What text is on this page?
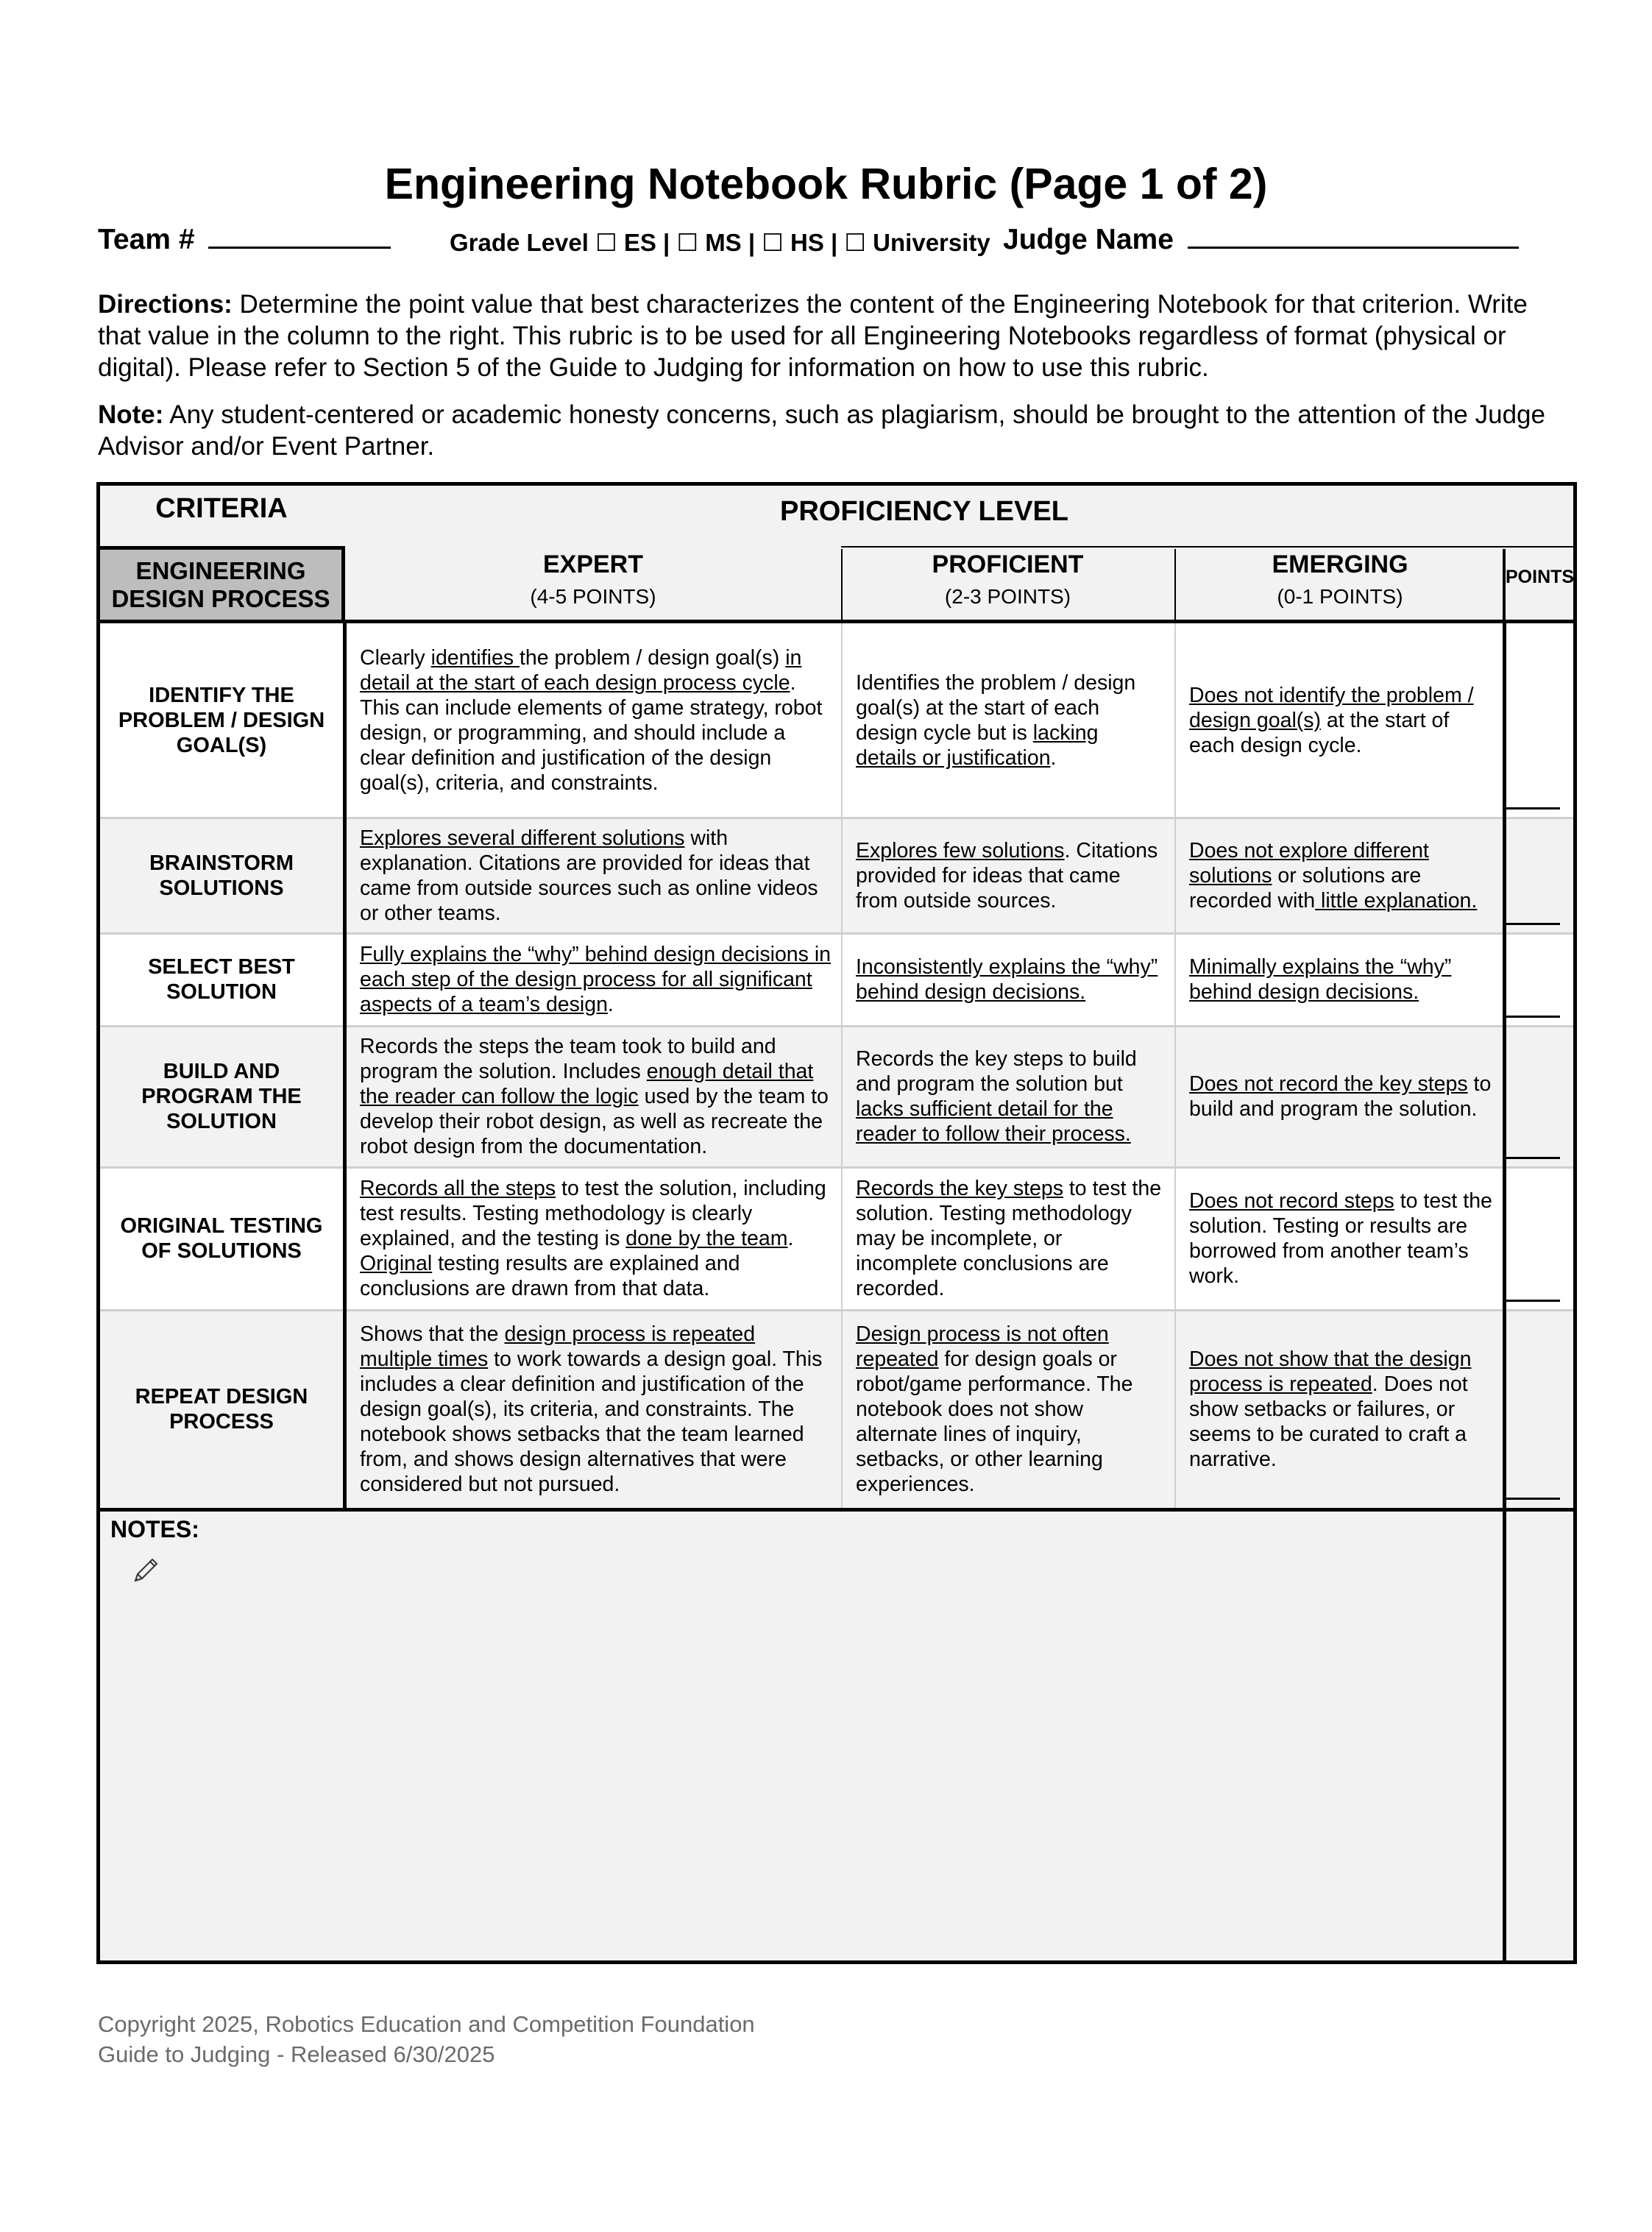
Engineering Notebook Rubric (Page 1 of 2)
Team #	Grade Level ☐ ES | ☐ MS | ☐ HS | ☐ University Judge Name
Directions: Determine the point value that best characterizes the content of the Engineering Notebook for that criterion. Write that value in the column to the right. This rubric is to be used for all Engineering Notebooks regardless of format (physical or digital). Please refer to Section 5 of the Guide to Judging for information on how to use this rubric.
Note: Any student-centered or academic honesty concerns, such as plagiarism, should be brought to the attention of the Judge Advisor and/or Event Partner.
CRITERIA	PROFICIENCY LEVEL
ENGINEERING DESIGN PROCESS
EXPERT
(4-5 POINTS)
PROFICIENT
(2-3 POINTS)
EMERGING
(0-1 POINTS)
POINTS
IDENTIFY THE PROBLEM / DESIGN GOAL(S)
Clearly identifies the problem / design goal(s) in detail at the start of each design process cycle. This can include elements of game strategy, robot design, or programming, and should include a clear definition and justification of the design goal(s), criteria, and constraints.
Identifies the problem / design goal(s) at the start of each design cycle but is lacking details or justification.
Does not identify the problem / design goal(s) at the start of each design cycle.
BRAINSTORM SOLUTIONS
Explores several different solutions with explanation. Citations are provided for ideas that came from outside sources such as online videos or other teams.
Explores few solutions. Citations provided for ideas that came from outside sources.
Does not explore different solutions or solutions are recorded with little explanation.
SELECT BEST SOLUTION
Fully explains the “why” behind design decisions in each step of the design process for all significant aspects of a team’s design.
Inconsistently explains the “why” behind design decisions.
Minimally explains the “why” behind design decisions.
BUILD AND PROGRAM THE SOLUTION
Records the steps the team took to build and program the solution. Includes enough detail that the reader can follow the logic used by the team to develop their robot design, as well as recreate the robot design from the documentation.
Records the key steps to build and program the solution but lacks sufficient detail for the reader to follow their process.
Does not record the key steps to build and program the solution.
ORIGINAL TESTING OF SOLUTIONS
Records all the steps to test the solution, including test results. Testing methodology is clearly explained, and the testing is done by the team. Original testing results are explained and conclusions are drawn from that data.
Records the key steps to test the solution. Testing methodology may be incomplete, or incomplete conclusions are recorded.
Does not record steps to test the solution. Testing or results are borrowed from another team’s work.
REPEAT DESIGN PROCESS
Shows that the design process is repeated multiple times to work towards a design goal. This includes a clear definition and justification of the design goal(s), its criteria, and constraints. The notebook shows setbacks that the team learned from, and shows design alternatives that were considered but not pursued.
Design process is not often repeated for design goals or robot/game performance. The notebook does not show alternate lines of inquiry, setbacks, or other learning experiences.
Does not show that the design process is repeated. Does not show setbacks or failures, or seems to be curated to craft a narrative.
NOTES:
Copyright 2025, Robotics Education and Competition Foundation
Guide to Judging - Released 6/30/2025
